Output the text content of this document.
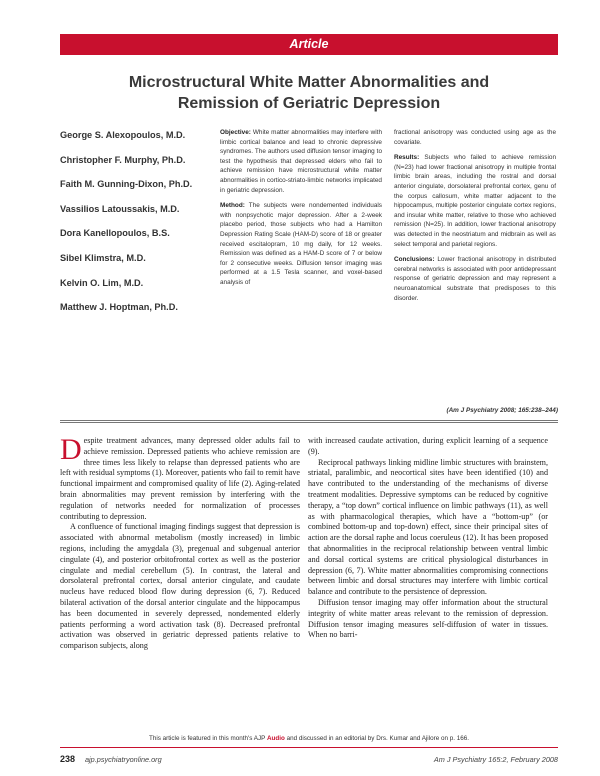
Article
Microstructural White Matter Abnormalities and
Remission of Geriatric Depression
George S. Alexopoulos, M.D.
Christopher F. Murphy, Ph.D.
Faith M. Gunning-Dixon, Ph.D.
Vassilios Latoussakis, M.D.
Dora Kanellopoulos, B.S.
Sibel Klimstra, M.D.
Kelvin O. Lim, M.D.
Matthew J. Hoptman, Ph.D.

Objective: White matter abnormalities may interfere with limbic cortical balance and lead to chronic depressive syndromes. The authors used diffusion tensor imaging to test the hypothesis that depressed elders who fail to achieve remission have microstructural white matter abnormalities in cortico-striato-limbic networks implicated in geriatric depression.

Method: The subjects were nondemented individuals with nonpsychotic major depression. After a 2-week placebo period, those subjects who had a Hamilton Depression Rating Scale (HAM-D) score of 18 or greater received escitalopram, 10 mg daily, for 12 weeks. Remission was defined as a HAM-D score of 7 or below for 2 consecutive weeks. Diffusion tensor imaging was performed at a 1.5 Tesla scanner, and voxel-based analysis of

fractional anisotropy was conducted using age as the covariate.

Results: Subjects who failed to achieve remission (N=23) had lower fractional anisotropy in multiple frontal limbic brain areas, including the rostral and dorsal anterior cingulate, dorsolateral prefrontal cortex, genu of the corpus callosum, white matter adjacent to the hippocampus, multiple posterior cingulate cortex regions, and insular white matter, relative to those who achieved remission (N=25). In addition, lower fractional anisotropy was detected in the neostriatum and midbrain as well as select temporal and parietal regions.

Conclusions: Lower fractional anisotropy in distributed cerebral networks is associated with poor antidepressant response of geriatric depression and may represent a neuroanatomical substrate that predisposes to this disorder.

(Am J Psychiatry 2008; 165:238–244)

Despite treatment advances, many depressed older adults fail to achieve remission. Depressed patients who achieve remission are three times less likely to relapse than depressed patients who are left with residual symptoms (1). Moreover, patients who fail to remit have functional impairment and compromised quality of life (2). Aging-related brain abnormalities may prevent remission by interfering with the regulation of networks needed for normalization of processes contributing to depression.

A confluence of functional imaging findings suggest that depression is associated with abnormal metabolism (mostly increased) in limbic regions, including the amygdala (3), pregenual and subgenual anterior cingulate (4), and posterior orbitofrontal cortex as well as the posterior cingulate and medial cerebellum (5). In contrast, the lateral and dorsolateral prefrontal cortex, dorsal anterior cingulate, and caudate nucleus have reduced blood flow during depression (6, 7). Reduced bilateral activation of the dorsal anterior cingulate and the hippocampus has been documented in severely depressed, nondemented elderly patients performing a word activation task (8). Decreased prefrontal activation was observed in geriatric depressed patients relative to comparison subjects, along

with increased caudate activation, during explicit learning of a sequence (9).

Reciprocal pathways linking midline limbic structures with brainstem, striatal, paralimbic, and neocortical sites have been identified (10) and have contributed to the understanding of the mechanisms of diverse treatment modalities. Depressive symptoms can be reduced by cognitive therapy, a “top down” cortical influence on limbic pathways (11), as well as with pharmacological therapies, which have a “bottom-up” (or combined bottom-up and top-down) effect, since their principal sites of action are the dorsal raphe and locus coeruleus (12). It has been proposed that abnormalities in the reciprocal relationship between ventral limbic and dorsal cortical systems are critical physiological disturbances in depression (6, 7). White matter abnormalities compromising connections between limbic and dorsal structures may interfere with limbic cortical balance and contribute to the persistence of depression.

Diffusion tensor imaging may offer information about the structural integrity of white matter areas relevant to the remission of depression. Diffusion tensor imaging measures self-diffusion of water in tissues. When no barri-

This article is featured in this month's AJP Audio and discussed in an editorial by Drs. Kumar and Ajilore on p. 166.
238 ajp.psychiatryonline.org	Am J Psychiatry 165:2, February 2008
